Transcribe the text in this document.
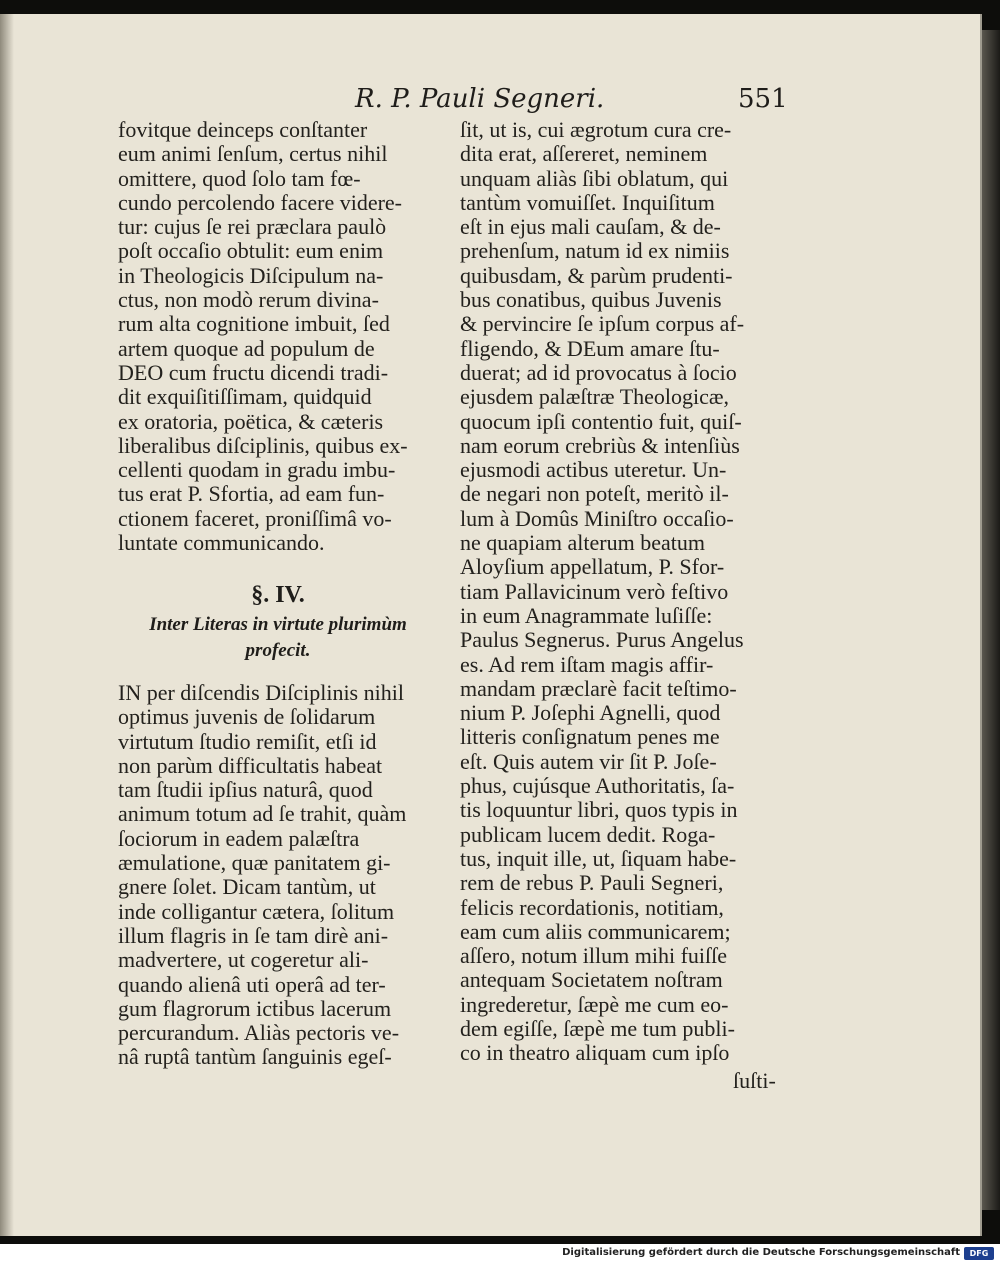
R. P. Pauli Segneri.	551
fovitque deinceps conſtanter
eum animi ſenſum, certus nihil
omittere, quod ſolo tam fœ-
cundo percolendo facere videre-
tur: cujus ſe rei præclara paulò
poſt occaſio obtulit: eum enim
in Theologicis Diſcipulum na-
ctus, non modò rerum divina-
rum alta cognitione imbuit, ſed
artem quoque ad populum de
DEO cum fructu dicendi tradi-
dit exquiſitiſſimam, quidquid
ex oratoria, poëtica, & cæteris
liberalibus diſciplinis, quibus ex-
cellenti quodam in gradu imbu-
tus erat P. Sfortia, ad eam fun-
ctionem faceret, proniſſimâ vo-
luntate communicando.
§. IV.
Inter Literas in virtute plurimùm
profecit.
IN per diſcendis Diſciplinis nihil
optimus juvenis de ſolidarum
virtutum ſtudio remiſit, etſi id
non parùm difficultatis habeat
tam ſtudii ipſius naturâ, quod
animum totum ad ſe trahit, quàm
ſociorum in eadem palæſtra
æmulatione, quæ panitatem gi-
gnere ſolet. Dicam tantùm, ut
inde colligantur cætera, ſolitum
illum flagris in ſe tam dirè ani-
madvertere, ut cogeretur ali-
quando alienâ uti operâ ad ter-
gum flagrorum ictibus lacerum
percurandum. Aliàs pectoris ve-
nâ ruptâ tantùm ſanguinis egeſ-
ſit, ut is, cui ægrotum cura cre-
dita erat, aſſereret, neminem
unquam aliàs ſibi oblatum, qui
tantùm vomuiſſet. Inquiſitum
eſt in ejus mali cauſam, & de-
prehenſum, natum id ex nimiis
quibusdam, & parùm prudenti-
bus conatibus, quibus Juvenis
& pervincire ſe ipſum corpus af-
fligendo, & DEum amare ſtu-
duerat; ad id provocatus à ſocio
ejusdem palæſtræ Theologicæ,
quocum ipſi contentio fuit, quiſ-
nam eorum crebriùs & intenſiùs
ejusmodi actibus uteretur. Un-
de negari non poteſt, meritò il-
lum à Domûs Miniſtro occaſio-
ne quapiam alterum beatum
Aloyſium appellatum, P. Sfor-
tiam Pallavicinum verò feſtivo
in eum Anagrammate luſiſſe:
Paulus Segnerus. Purus Angelus
es. Ad rem iſtam magis affir-
mandam præclarè facit teſtimo-
nium P. Joſephi Agnelli, quod
litteris conſignatum penes me
eſt. Quis autem vir ſit P. Joſe-
phus, cujúsque Authoritatis, ſa-
tis loquuntur libri, quos typis in
publicam lucem dedit. Roga-
tus, inquit ille, ut, ſiquam habe-
rem de rebus P. Pauli Segneri,
felicis recordationis, notitiam,
eam cum aliis communicarem;
aſſero, notum illum mihi fuiſſe
antequam Societatem noſtram
ingrederetur, ſæpè me cum eo-
dem egiſſe, ſæpè me tum publi-
co in theatro aliquam cum ipſo
ſuſti-
Digitalisierung gefördert durch die Deutsche Forschungsgemeinschaft	DFG
